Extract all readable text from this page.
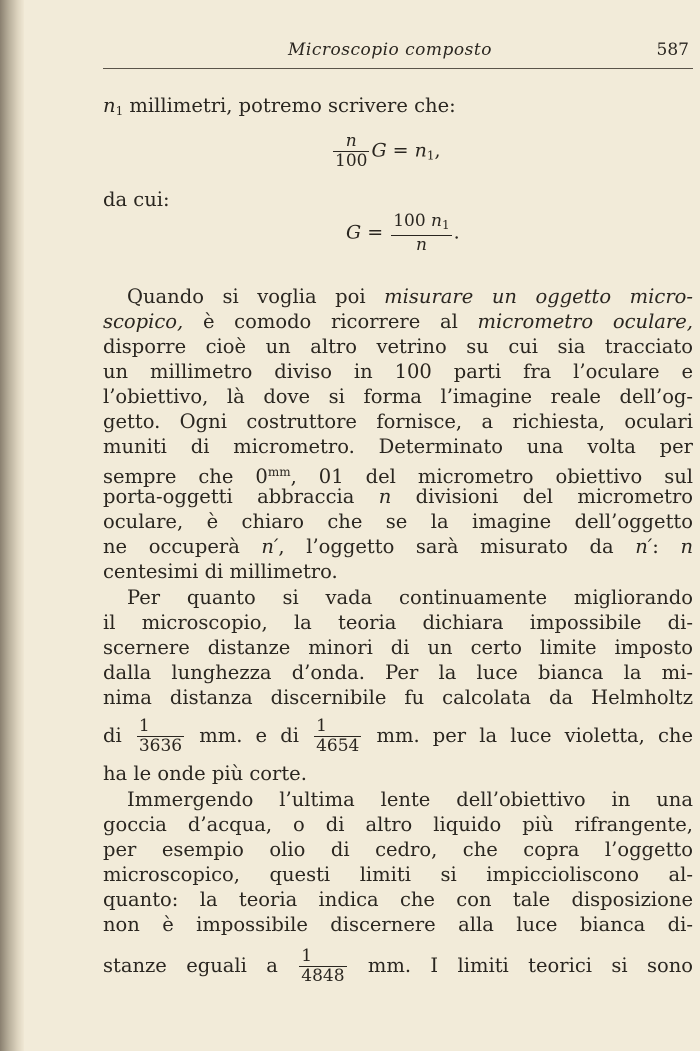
Microscopio composto	587
$n_1$ millimetri, potremo scrivere che:
$\frac{n}{100}$ $G = n_1$,
da cui:
$G = \frac{100 n_1}{n}$ .
Quando si voglia poi misurare un oggetto micro-
scopico, è comodo ricorrere al micrometro oculare,
disporre cioè un altro vetrino su cui sia tracciato
un millimetro diviso in 100 parti fra l’oculare e
l’obiettivo, là dove si forma l’imagine reale dell’og-
getto. Ogni costruttore fornisce, a richiesta, oculari
muniti di micrometro. Determinato una volta per
sempre che $0^{mm}$, 01 del micrometro obiettivo sul
porta-oggetti abbraccia n divisioni del micrometro
oculare, è chiaro che se la imagine dell’oggetto
ne occuperà n′, l’oggetto sarà misurato da n′: n
centesimi di millimetro.
Per quanto si vada continuamente migliorando
il microscopio, la teoria dichiara impossibile di-
scernere distanze minori di un certo limite imposto
dalla lunghezza d’onda. Per la luce bianca la mi-
nima distanza discernibile fu calcolata da Helmholtz
di $\frac{1}{3636}$ mm. e di $\frac{1}{4654}$ mm. per la luce violetta, che
ha le onde più corte.
Immergendo l’ultima lente dell’obiettivo in una
goccia d’acqua, o di altro liquido più rifrangente,
per esempio olio di cedro, che copra l’oggetto
microscopico, questi limiti si impicciolisconο al-
quanto: la teoria indica che con tale disposizione
non è impossibile discernere alla luce bianca di-
stanze eguali a $\frac{1}{4848}$ mm. I limiti teorici si sono
